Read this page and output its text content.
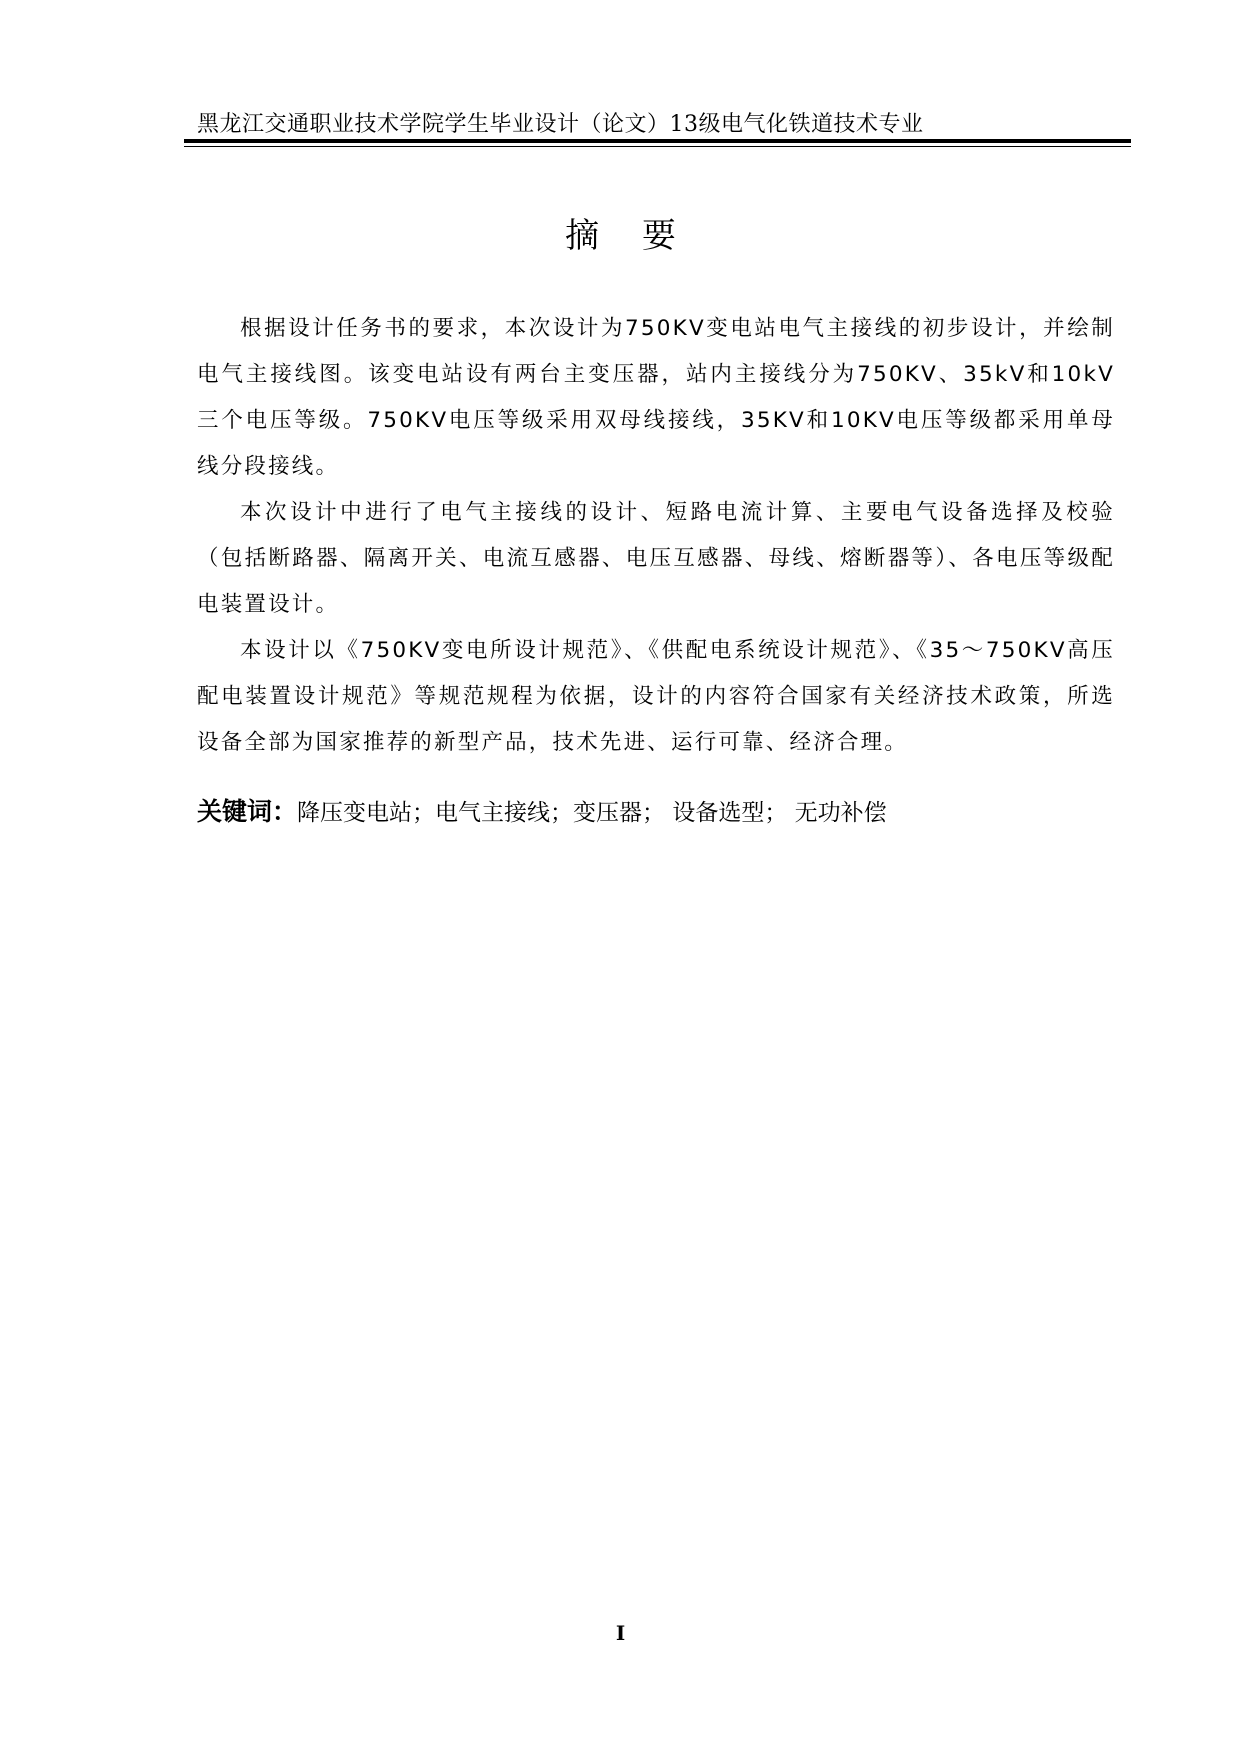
黑龙江交通职业技术学院学生毕业设计（论文）13级电气化铁道技术专业
摘 要

根据设计任务书的要求，本次设计为750KV变电站电气主接线的初步设计，并绘制电气主接线图。该变电站设有两台主变压器，站内主接线分为750KV、35kV和10kV三个电压等级。750KV电压等级采用双母线接线，35KV和10KV电压等级都采用单母线分段接线。

本次设计中进行了电气主接线的设计、短路电流计算、主要电气设备选择及校验（包括断路器、隔离开关、电流互感器、电压互感器、母线、熔断器等）、各电压等级配电装置设计。

本设计以《750KV变电所设计规范》、《供配电系统设计规范》、《35～750KV高压配电装置设计规范》等规范规程为依据，设计的内容符合国家有关经济技术政策，所选设备全部为国家推荐的新型产品，技术先进、运行可靠、经济合理。

关键词：降压变电站；电气主接线；变压器； 设备选型； 无功补偿
I
